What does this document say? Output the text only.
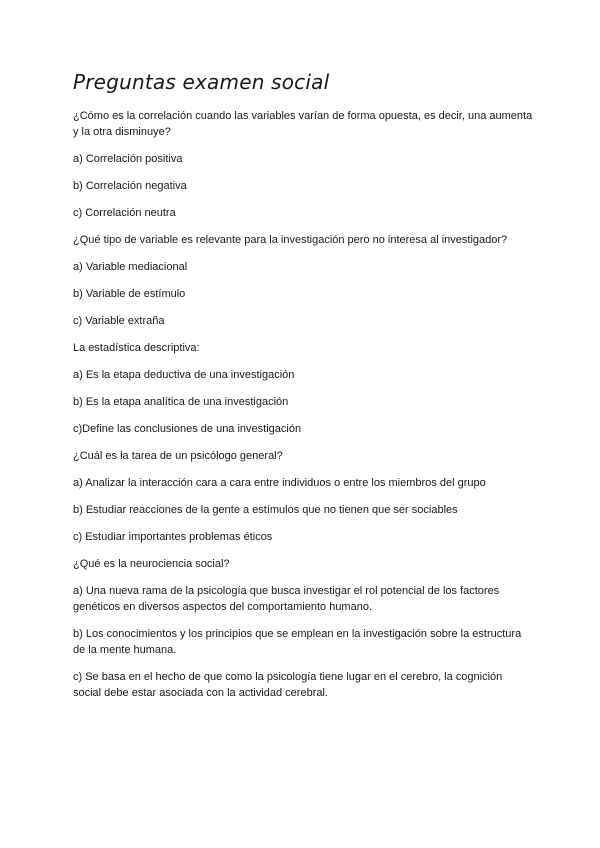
Preguntas examen social

¿Cómo es la correlación cuando las variables varían de forma opuesta, es decir, una aumenta y la otra disminuye?

a) Correlación positiva

b) Correlación negativa

c) Correlación neutra

¿Qué tipo de variable es relevante para la investigación pero no interesa al investigador?

a) Variable mediacional

b) Variable de estímulo

c) Variable extraña

La estadística descriptiva:

a) Es la etapa deductiva de una investigación

b) Es la etapa analítica de una investigación

c)Define las conclusiones de una investigación

¿Cuál es la tarea de un psicólogo general?

a) Analizar la interacción cara a cara entre individuos o entre los miembros del grupo

b) Estudiar reacciones de la gente a estímulos que no tienen que ser sociables

c) Estudiar importantes problemas éticos

¿Qué es la neurociencia social?

a) Una nueva rama de la psicología que busca investigar el rol potencial de los factores genéticos en diversos aspectos del comportamiento humano.

b) Los conocimientos y los principios que se emplean en la investigación sobre la estructura de la mente humana.

c) Se basa en el hecho de que como la psicología tiene lugar en el cerebro, la cognición social debe estar asociada con la actividad cerebral.
